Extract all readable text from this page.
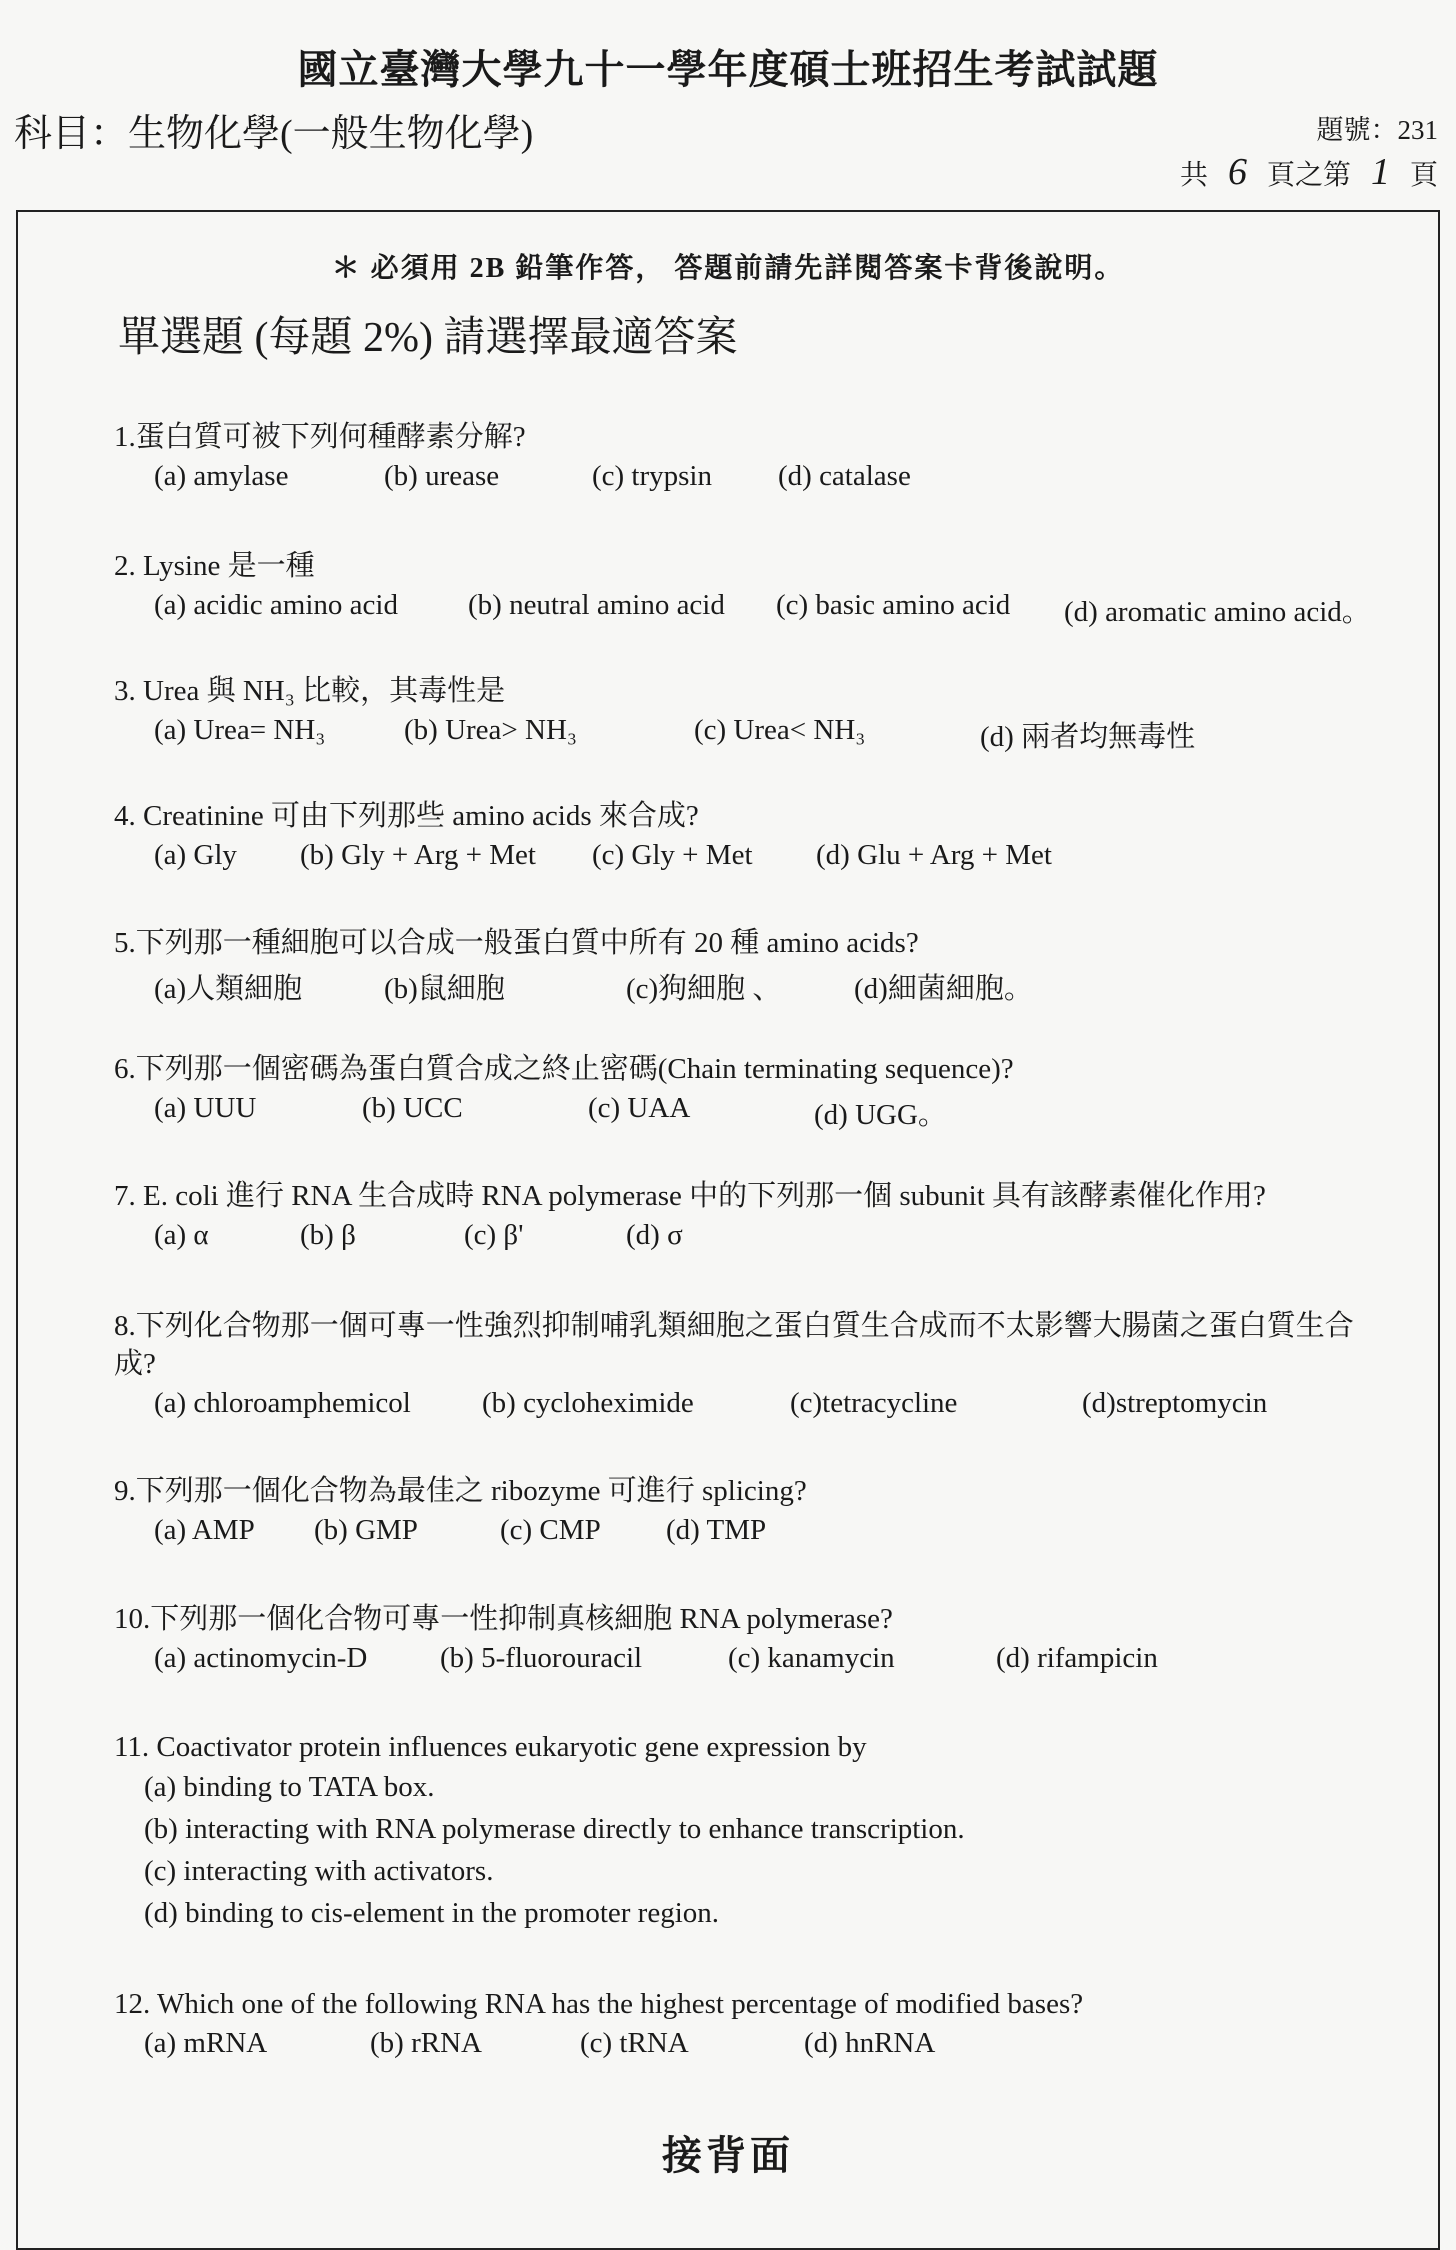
國立臺灣大學九十一學年度碩士班招生考試試題
科目：生物化學(一般生物化學)	題號：231
共 6 頁之第 1 頁
＊ 必須用 2B 鉛筆作答， 答題前請先詳閱答案卡背後說明。
單選題 (每題 2%) 請選擇最適答案
1.蛋白質可被下列何種酵素分解?
(a) amylase	(b) urease	(c) trypsin (d) catalase
2. Lysine 是一種
(a) acidic amino acid (b) neutral amino acid (c) basic amino acid (d) aromatic amino acid。
3. Urea 與 NH₃ 比較，其毒性是
(a) Urea= NH₃	(b) Urea> NH₃	(c) Urea< NH₃	(d) 兩者均無毒性
4. Creatinine 可由下列那些 amino acids 來合成?
(a) Gly (b) Gly + Arg + Met (c) Gly + Met (d) Glu + Arg + Met
5.下列那一種細胞可以合成一般蛋白質中所有 20 種 amino acids?
(a)人類細胞	(b)鼠細胞	(c)狗細胞 、	(d)細菌細胞。
6.下列那一個密碼為蛋白質合成之終止密碼(Chain terminating sequence)?
(a) UUU	(b) UCC	(c) UAA	(d) UGG。
7. E. coli 進行 RNA 生合成時 RNA polymerase 中的下列那一個 subunit 具有該酵素催化作用?
(a) α	(b) β	(c) β'	(d) σ
8.下列化合物那一個可專一性強烈抑制哺乳類細胞之蛋白質生合成而不太影響大腸菌之蛋白質生合成?
(a) chloroamphemicol (b) cycloheximide	(c)tetracycline	(d)streptomycin
9.下列那一個化合物為最佳之 ribozyme 可進行 splicing?
(a) AMP (b) GMP	(c) CMP (d) TMP
10.下列那一個化合物可專一性抑制真核細胞 RNA polymerase?
(a) actinomycin-D	(b) 5-fluorouracil	(c) kanamycin	(d) rifampicin
11. Coactivator protein influences eukaryotic gene expression by
(a) binding to TATA box.
(b) interacting with RNA polymerase directly to enhance transcription.
(c) interacting with activators.
(d) binding to cis-element in the promoter region.
12. Which one of the following RNA has the highest percentage of modified bases?
(a) mRNA	(b) rRNA	(c) tRNA	(d) hnRNA
接背面
